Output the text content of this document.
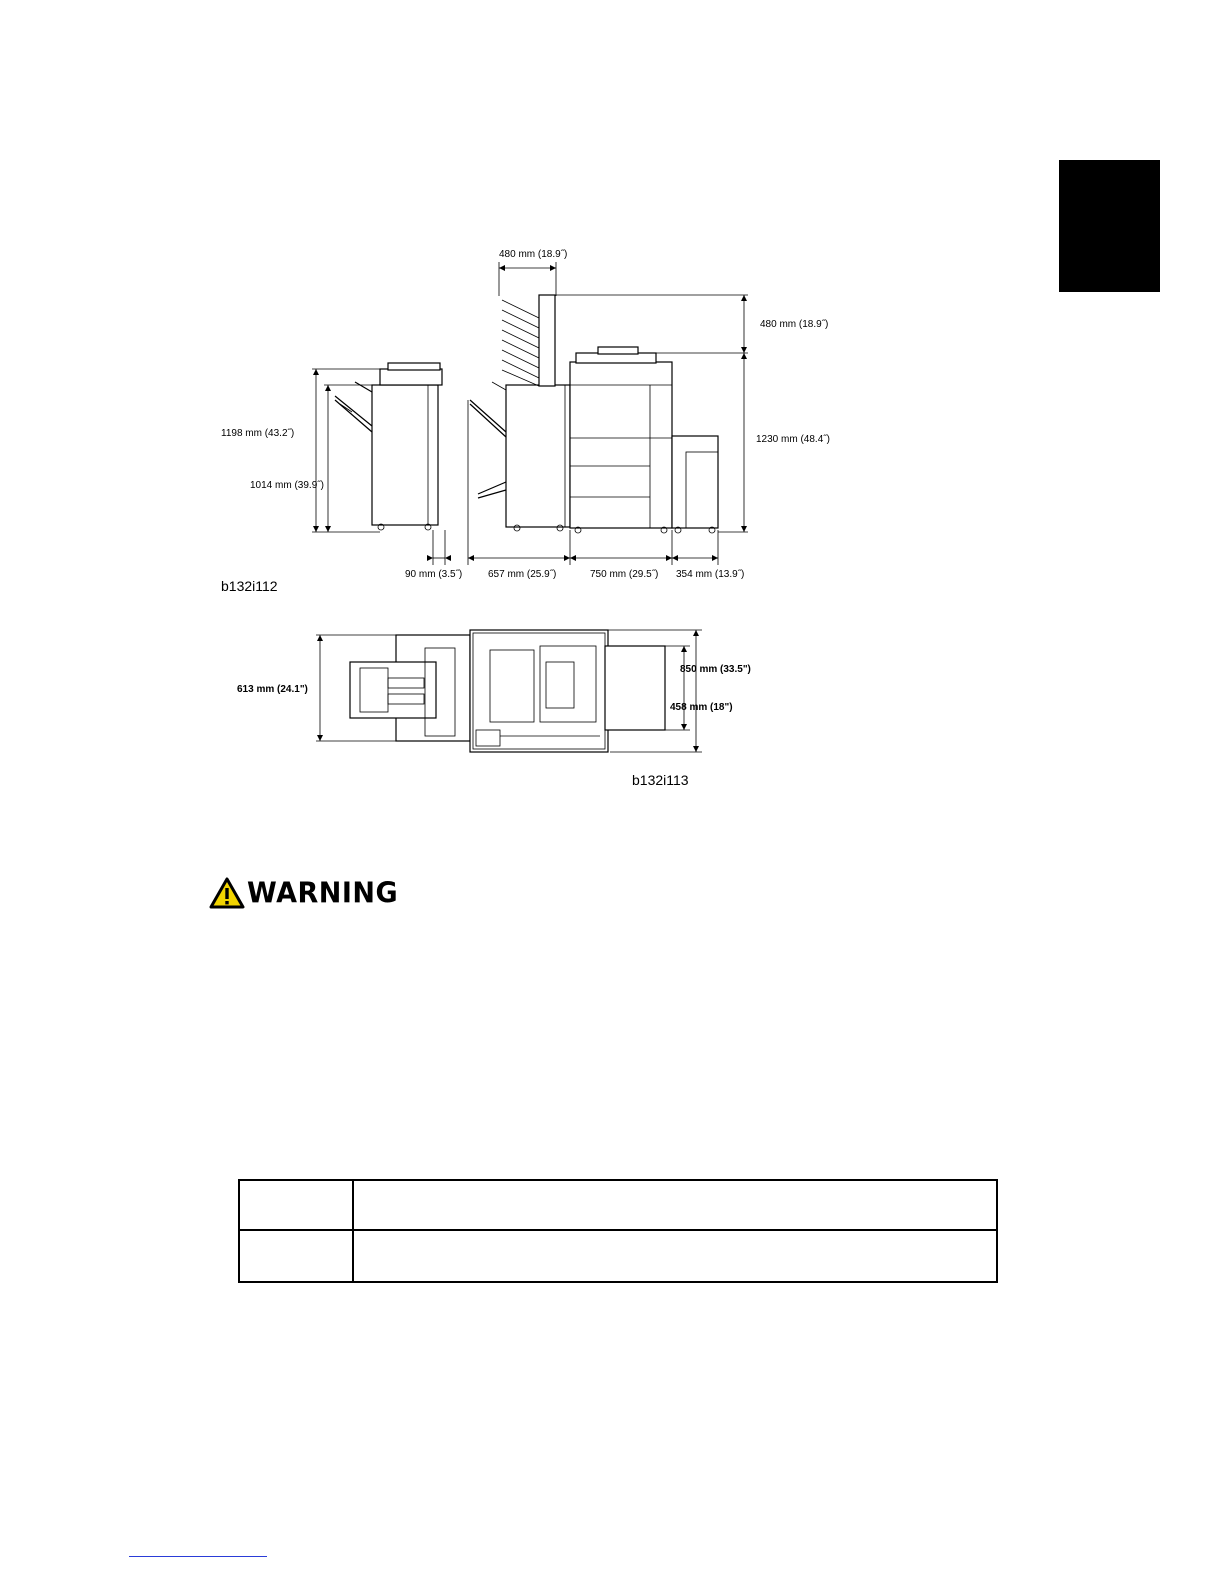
480 mm (18.9˝)
480 mm (18.9˝)
1230 mm (48.4˝)
1198 mm (43.2˝)
1014 mm (39.9˝)
90 mm (3.5˝)	657 mm (25.9˝)	750 mm (29.5˝) 354 mm (13.9˝)
b132i112
613 mm (24.1")
850 mm (33.5")
458 mm (18")
b132i113
WARNING
